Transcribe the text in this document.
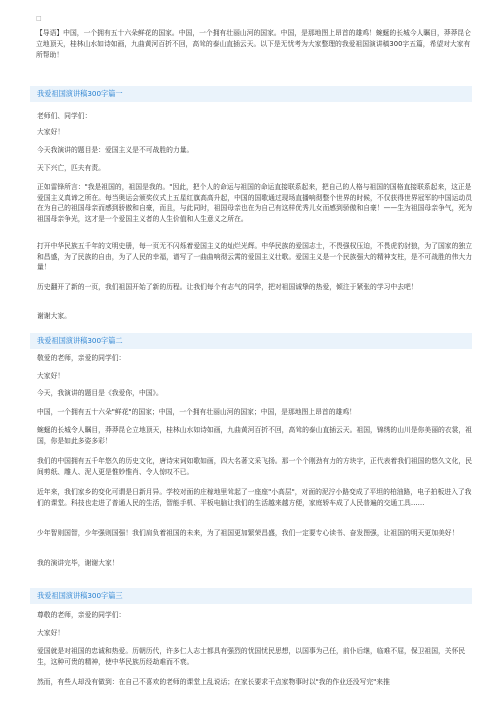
□
【导语】中国，一个拥有五十六朵鲜花的国家。中国，一个拥有壮丽山河的国家。中国，是那地图上昂首的雄鸡！蜿蜒的长城今人瞩目，莽莽昆仑立地顶天，桂林山水如诗如画，九曲黄河百折不回，高耸的泰山直插云天。以下是无忧考为大家整理的我爱祖国演讲稿300字五篇，希望对大家有所帮助！
我爱祖国演讲稿300字篇一
老师们、同学们：
大家好！
今天我演讲的题目是：爱国主义是不可战胜的力量。
天下兴亡，匹夫有责。
正如雷锋所言："我是祖国的，祖国是我的。"因此，把个人的命运与祖国的命运直接联系起来，把自己的人格与祖国的国格直接联系起来，这正是爱国主义真谛之所在。每当奥运会颁奖仪式上五星红旗高高升起，中国的国歌通过现场直播响彻整个世界的时候，不仅获得世界冠军的中国运动员在为自己的祖国母亲而感到骄傲和自豪，而且，与此同时，祖国母亲也在为自己有这样优秀儿女而感到骄傲和自豪！——生为祖国母亲争气，死为祖国母亲争光，这才是一个爱国主义者的人生价值和人生意义之所在。
打开中华民族五千年的文明史册，每一页无不闪烁着爱国主义的灿烂光辉。中华民族的爱国志士，不畏强权压迫，不畏虎豹豺狼，为了国家的独立和昌盛，为了民族的自由，为了人民的幸福，谱写了一曲曲响彻云霄的爱国主义壮歌。爱国主义是一个民族强大的精神支柱，是不可战胜的伟大力量！
历史翻开了新的一页，我们祖国开始了新的历程。让我们每个有志气的同学，把对祖国诚挚的热爱，倾注于紧张的学习中去吧！
谢谢大家。
我爱祖国演讲稿300字篇二
敬爱的老师，亲爱的同学们：
大家好！
今天，我演讲的题目是《我爱你，中国》。
中国，一个拥有五十六朵"鲜花"的国家；中国，一个拥有壮丽山河的国家；中国，是那地图上昂首的雄鸡！
蜿蜒的长城令人瞩目，莽莽昆仑立地顶天，桂林山水如诗如画，九曲黄河百折不回，高耸的泰山直插云天。祖国，锦绣的山川是你美丽的衣裳，祖国，你是如此多姿多彩！
我们的中国拥有五千年悠久的历史文化，唐诗宋词如歌如画，四大名著文采飞扬。那一个个刚劲有力的方块字，正代表着我们祖国的悠久文化，民间剪纸、雕人、泥人更是惟妙惟肖、令人惊叹不已。
近年来，我们家乡的变化可谓是日新月异。学校对面的庄稼地里耸起了一座座"小高层"，对面的泥泞小路变成了平坦的柏油路，电子拍板进入了我们的课堂。科技也走进了普通人民的生活，智能手机、平板电脑让我们的生活越来越方便，家庭轿车成了人民普遍的交通工具……
少年智则国智，少年强则国强！我们肩负着祖国的未来，为了祖国更加繁荣昌盛，我们一定要专心读书、奋发图强，让祖国的明天更加美好！
我的演讲完毕，谢谢大家！
我爱祖国演讲稿300字篇三
尊敬的老师，亲爱的同学们：
大家好！
爱国就是对祖国的忠诚和热爱。历朝历代，许多仁人志士都具有强烈的忧国忧民思想，以国事为己任，前仆后继，临难不屈，保卫祖国，关怀民生，这种可贵的精神，使中华民族历经劫难而不衰。
然而，有些人却没有做到：在自己不喜欢的老师的课堂上乱说话；在家长要求干点家物事时以"我的作业还没写完"来推
